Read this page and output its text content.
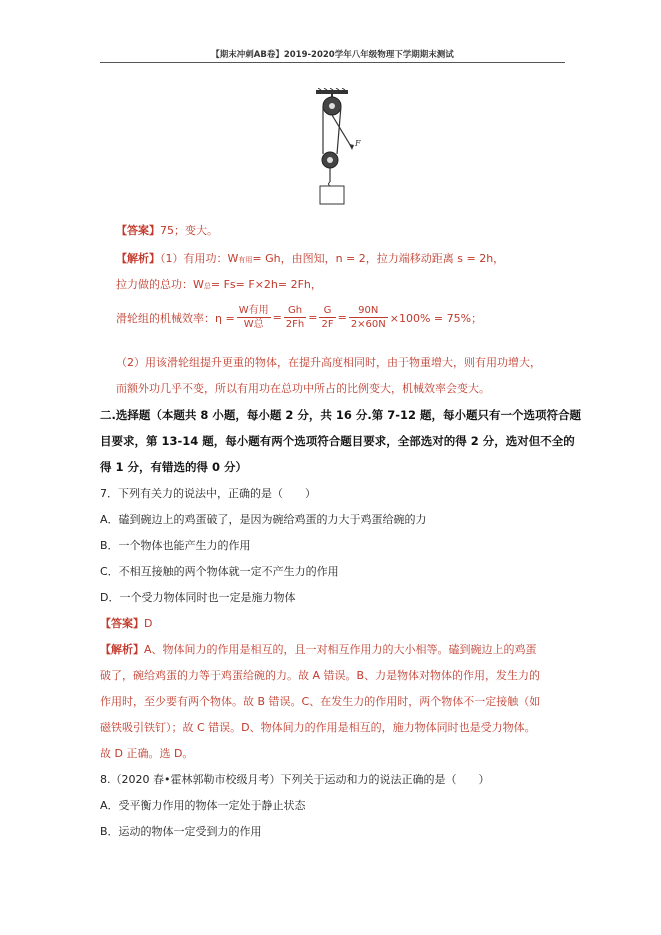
【期末冲刺AB卷】2019-2020学年八年级物理下学期期末测试
F
【答案】75；变大。
【解析】（1）有用功：W有用= Gh，由图知，n = 2，拉力端移动距离 s = 2h，
拉力做的总功：W总= Fs= F×2h= 2Fh，
滑轮组的机械效率：$\eta = \frac{\text{W有用}}{\text{W总}} = \frac{Gh}{2Fh} = \frac{G}{2F} = \frac{90N}{2\times 60N} \times 100\% = 75\%$；
（2）用该滑轮组提升更重的物体，在提升高度相同时，由于物重增大，则有用功增大，
而额外功几乎不变，所以有用功在总功中所占的比例变大，机械效率会变大。
二.选择题（本题共 8 小题，每小题 2 分，共 16 分.第 7-12 题，每小题只有一个选项符合题
目要求，第 13-14 题，每小题有两个选项符合题目要求，全部选对的得 2 分，选对但不全的
得 1 分，有错选的得 0 分）
7．下列有关力的说法中，正确的是（　　）
A．磕到碗边上的鸡蛋破了，是因为碗给鸡蛋的力大于鸡蛋给碗的力
B．一个物体也能产生力的作用
C．不相互接触的两个物体就一定不产生力的作用
D．一个受力物体同时也一定是施力物体
【答案】D
【解析】A、物体间力的作用是相互的，且一对相互作用力的大小相等。磕到碗边上的鸡蛋
破了，碗给鸡蛋的力等于鸡蛋给碗的力。故 A 错误。B、力是物体对物体的作用，发生力的
作用时，至少要有两个物体。故 B 错误。C、在发生力的作用时，两个物体不一定接触（如
磁铁吸引铁钉）；故 C 错误。D、物体间力的作用是相互的，施力物体同时也是受力物体。
故 D 正确。选 D。
8.（2020 春•霍林郭勒市校级月考）下列关于运动和力的说法正确的是（　　）
A．受平衡力作用的物体一定处于静止状态
B．运动的物体一定受到力的作用
